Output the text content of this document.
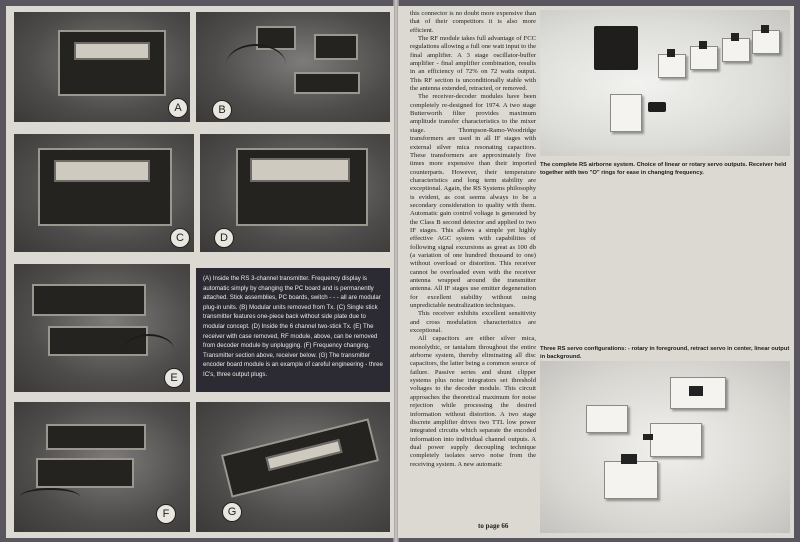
A	B
C	D
E
(A) Inside the RS 3-channel transmitter. Frequency display is automatic simply by changing the PC board and is permanently attached. Stick assemblies, PC boards, switch - - - all are modular plug-in units. (B) Modular units removed from Tx. (C) Single stick transmitter features one-piece back without side plate due to modular concept. (D) Inside the 6 channel two-stick Tx. (E) The receiver with case removed, RF module, above, can be removed from decoder module by unplugging. (F) Frequency changing. Transmitter section above, receiver below. (G) The transmitter encoder board module is an example of careful engineering - three IC's, three output plugs.
F	G

this connector is no doubt more expensive than that of their competitors it is also more efficient.

The RF module takes full advantage of FCC regulations allowing a full one watt input to the final amplifier. A 3 stage oscillator-buffer amplifier - final amplifier combination, results in an efficiency of 72% on 72 watts output. This RF section is unconditionally stable with the antenna extended, retracted, or removed.

The receiver-decoder modules have been completely re-designed for 1974. A two stage Butterworth filter provides maximum amplitude transfer characteristics to the mixer stage. Thompson-Ramo-Woodridge transformers are used in all IF stages with external silver mica resonating capacitors. These transformers are approximately five times more expensive than their imported counterparts. However, their temperature characteristics and long term stability are exceptional. Again, the RS Systems philosophy is evident, as cost seems always to be a secondary consideration to quality with them. Automatic gain control voltage is generated by the Class B second detector and applied to two IF stages. This allows a simple yet highly effective AGC system with capabilities of following signal excursions as great as 100 db (a variation of one hundred thousand to one) without overload or distortion. This receiver cannot be overloaded even with the receiver antenna wrapped around the transmitter antenna. All IF stages use emitter degeneration for excellent stability without using unpredictable neutralization techniques.

This receiver exhibits excellent sensitivity and cross modulation characteristics are exceptional.

All capacitors are either silver mica, monolythic, or tantalum throughout the entire airborne system, thereby eliminating all disc capacitors, the latter being a common source of failure. Passive series and shunt clipper systems plus noise integrators set threshold voltages to the decoder module. This circuit approaches the theoretical maximum for noise rejection while processing the desired information without distortion. A two stage discrete amplifier drives two TTL low power integrated circuits which separate the encoded information into individual channel outputs. A dual power supply decoupling technique completely isolates servo noise from the receiving system. A new automatic

to page 66

The complete RS airborne system. Choice of linear or rotary servo outputs. Receiver held together with two "O" rings for ease in changing frequency.

Three RS servo configurations: - rotary in foreground, retract servo in center, linear output in background.
